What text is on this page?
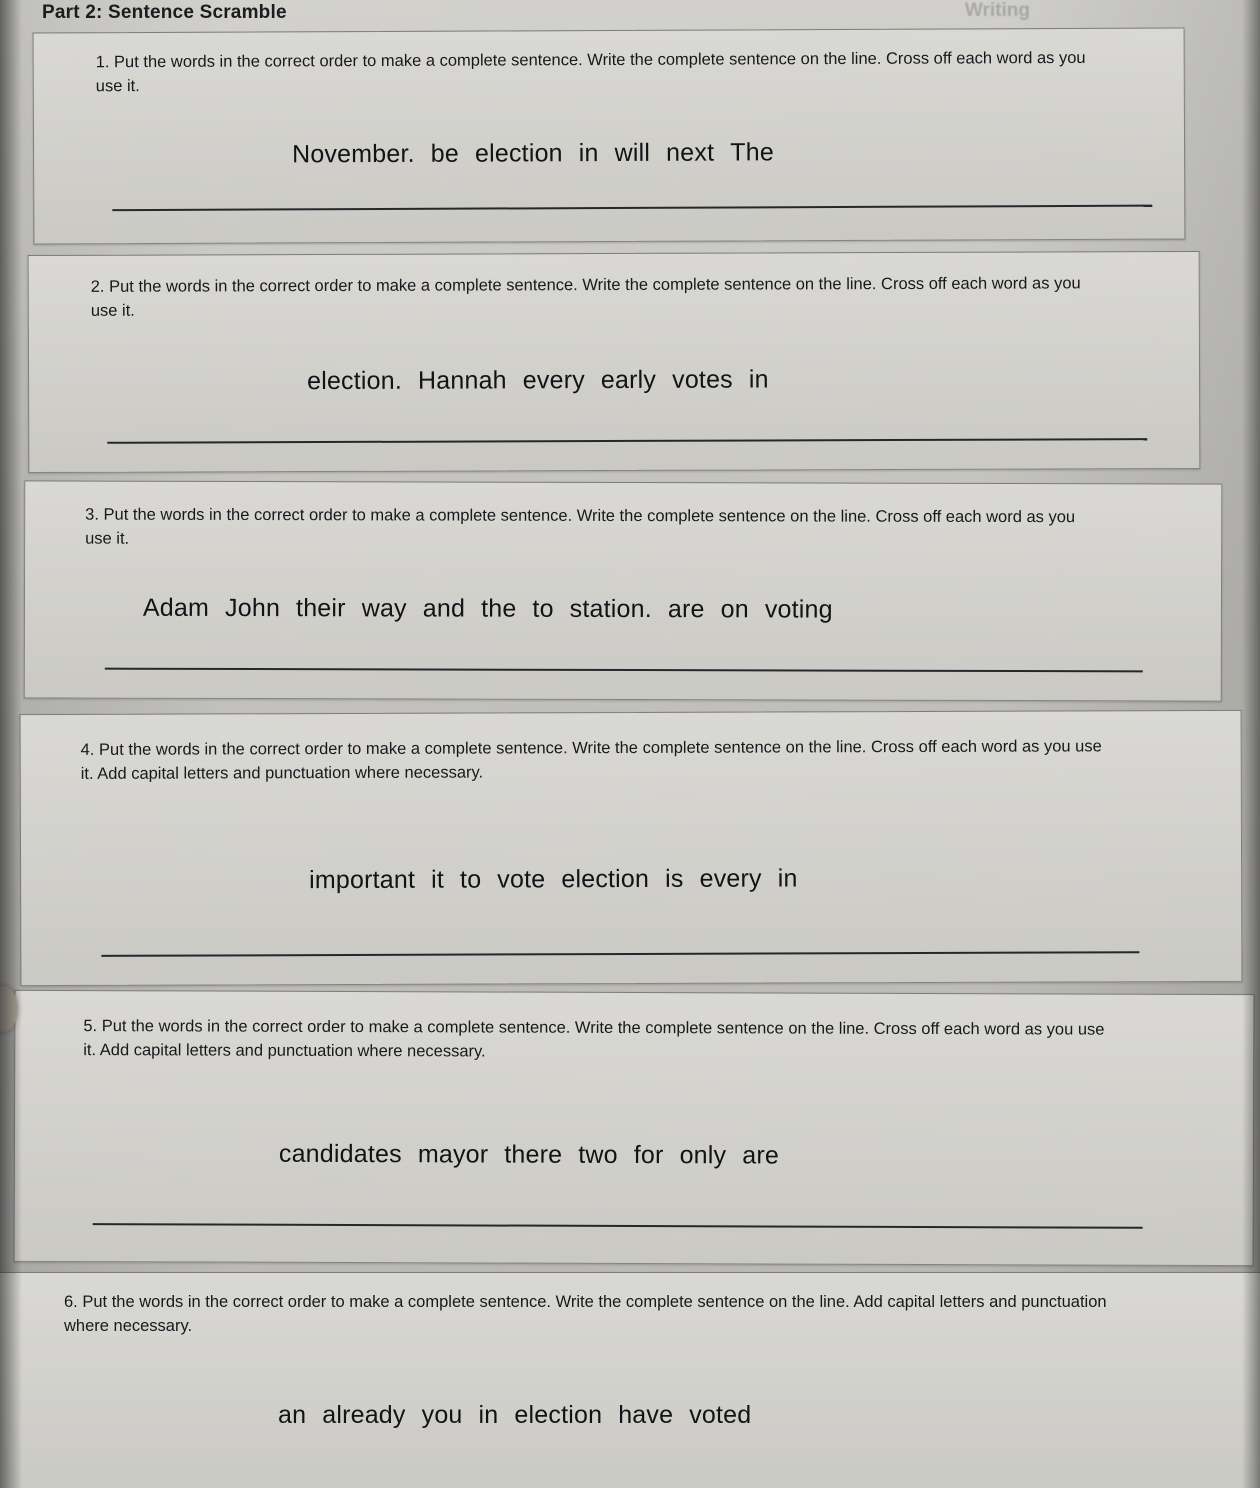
Part 2: Sentence Scramble	Writing

1. Put the words in the correct order to make a complete sentence. Write the complete sentence on the line. Cross off each word as you use it.

November. be election in will next The

2. Put the words in the correct order to make a complete sentence. Write the complete sentence on the line. Cross off each word as you use it.

election. Hannah every early votes in

3. Put the words in the correct order to make a complete sentence. Write the complete sentence on the line. Cross off each word as you use it.

Adam John their way and the to station. are on voting

4. Put the words in the correct order to make a complete sentence. Write the complete sentence on the line. Cross off each word as you use it. Add capital letters and punctuation where necessary.

important it to vote election is every in

5. Put the words in the correct order to make a complete sentence. Write the complete sentence on the line. Cross off each word as you use it. Add capital letters and punctuation where necessary.

candidates mayor there two for only are

6. Put the words in the correct order to make a complete sentence. Write the complete sentence on the line. Add capital letters and punctuation where necessary.

an already you in election have voted
